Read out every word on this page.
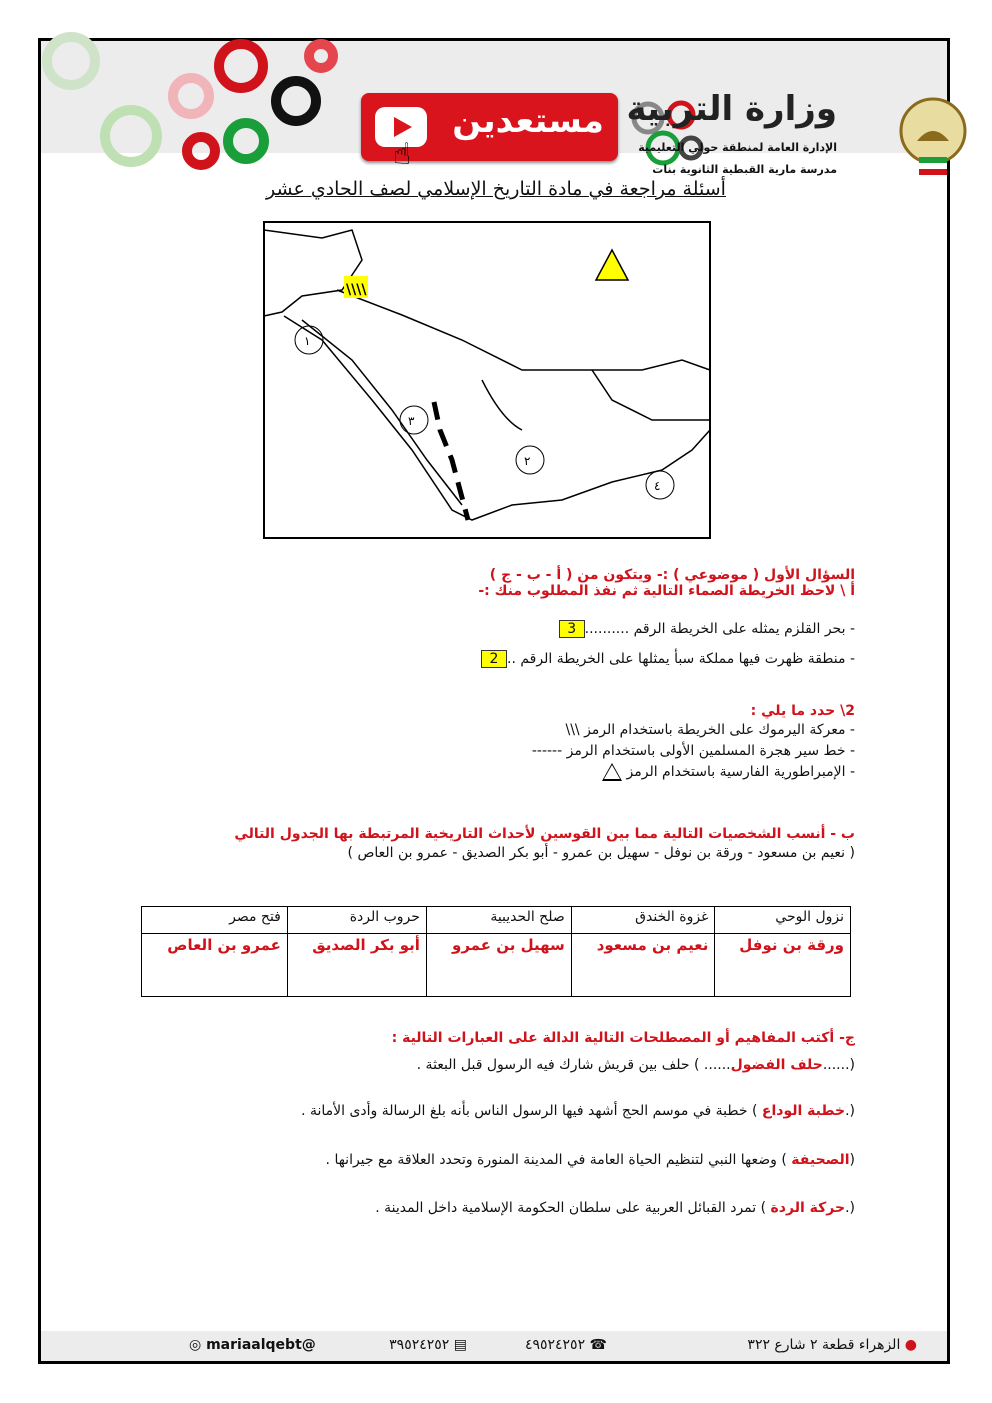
مستعدين
☝
وزارة التربية
الإدارة العامة لمنطقة حولي التعليمية
مدرسة مارية القبطية الثانوية بنات
أسئلة مراجعة في مادة التاريخ الإسلامي لصف الحادي عشر
١
٣
٢
٤
\\\\
السؤال الأول ( موضوعي ) :- ويتكون من ( أ - ب - ج )
أ \ لاحظ الخريطة الصماء التالية ثم نفذ المطلوب منك :-
- بحر القلزم يمثله على الخريطة الرقم ..........3
- منطقة ظهرت فيها مملكة سبأ يمثلها على الخريطة الرقم ..2
2\ حدد ما يلي :
- معركة اليرموك على الخريطة باستخدام الرمز \\\
- خط سير هجرة المسلمين الأولى باستخدام الرمز ------
- الإمبراطورية الفارسية باستخدام الرمز
ب - أنسب الشخصيات التالية مما بين القوسين لأحداث التاريخية المرتبطة بها الجدول التالي
( نعيم بن مسعود - ورقة بن نوفل - سهيل بن عمرو - أبو بكر الصديق - عمرو بن العاص )
نزول الوحي	غزوة الخندق	صلح الحديبية	حروب الردة	فتح مصر
ورقة بن نوفل	نعيم بن مسعود	سهيل بن عمرو	أبو بكر الصديق	عمرو بن العاص
ج- أكتب المفاهيم أو المصطلحات التالية الدالة على العبارات التالية :
(......حلف الفضول...... ) حلف بين قريش شارك فيه الرسول قبل البعثة .
(.خطبة الوداع ) خطبة في موسم الحج أشهد فيها الرسول الناس بأنه بلغ الرسالة وأدى الأمانة .
(الصحيفة ) وضعها النبي لتنظيم الحياة العامة في المدينة المنورة وتحدد العلاقة مع جيرانها .
(.حركة الردة ) تمرد القبائل العربية على سلطان الحكومة الإسلامية داخل المدينة .
● الزهراء قطعة ٢ شارع ٣٢٢
☎ ٤٩٥٢٤٢٥٢
▤ ٣٩٥٢٤٢٥٢
@mariaalqebt ◎
